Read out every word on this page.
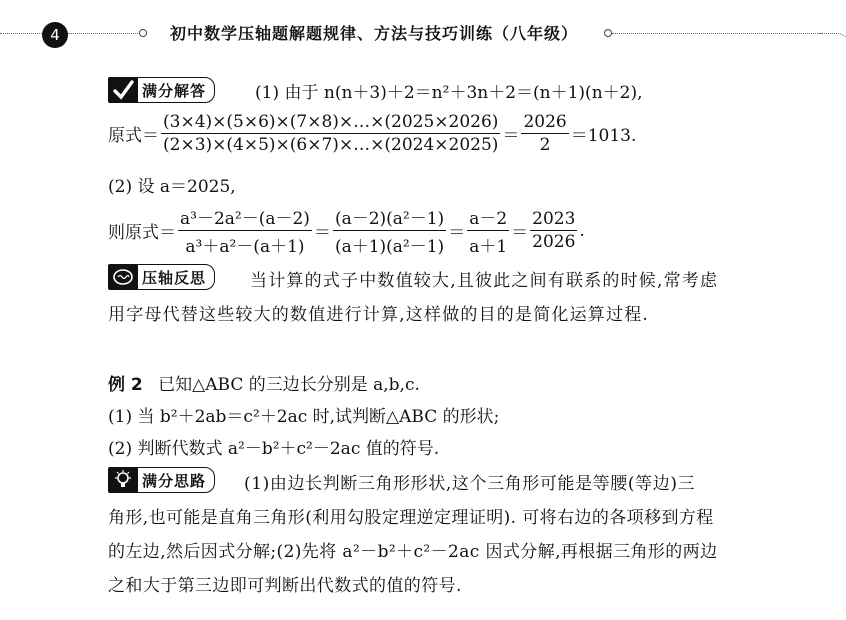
4	初中数学压轴题解题规律、方法与技巧训练（八年级）
满分解答	(1) 由于 n(n＋3)＋2＝n²＋3n＋2＝(n＋1)(n＋2),
原式＝ $\frac{(3\times 4)\times(5\times 6)\times(7\times 8)\times\dots\times(2025\times 2026)}{(2\times 3)\times(4\times 5)\times(6\times 7)\times\dots\times(2024\times 2025)} = \frac{2026}{2} =1013$.
(2) 设 a＝2025,
则原式＝ $\frac{\text{a³－2a²－(a－2)}}{\text{a³＋a²－(a＋1)}} = \frac{\text{(a－2)(a²－1)}}{\text{(a＋1)(a²－1)}} = \frac{a-2}{a+1} = \frac{2023}{2026}$ .
压轴反思	当计算的式子中数值较大,且彼此之间有联系的时候,常考虑
用字母代替这些较大的数值进行计算,这样做的目的是简化运算过程.
例 2 已知△ABC 的三边长分别是 a,b,c.
(1) 当 b²＋2ab＝c²＋2ac 时,试判断△ABC 的形状;
(2) 判断代数式 a²－b²＋c²－2ac 值的符号.
满分思路	(1)由边长判断三角形形状,这个三角形可能是等腰(等边)三
角形,也可能是直角三角形(利用勾股定理逆定理证明). 可将右边的各项移到方程
的左边,然后因式分解;(2)先将 a²－b²＋c²－2ac 因式分解,再根据三角形的两边
之和大于第三边即可判断出代数式的值的符号.
